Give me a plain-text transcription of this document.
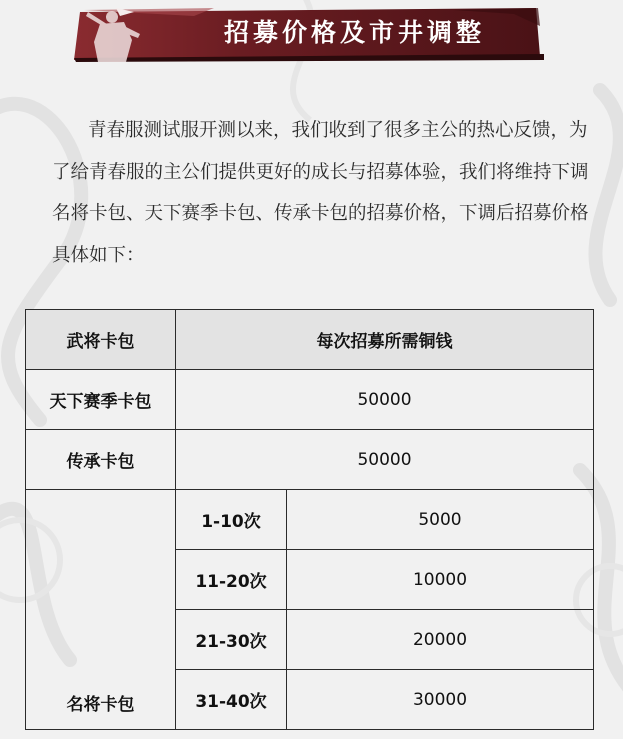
招募价格及市井调整
青春服测试服开测以来，我们收到了很多主公的热心反馈，为了给青春服的主公们提供更好的成长与招募体验，我们将维持下调名将卡包、天下赛季卡包、传承卡包的招募价格，下调后招募价格具体如下：
武将卡包	每次招募所需铜钱	
天下赛季卡包	50000	
传承卡包	50000	
名将卡包	1-10次	5000
	11-20次	10000
	21-30次	20000
	31-40次	30000
